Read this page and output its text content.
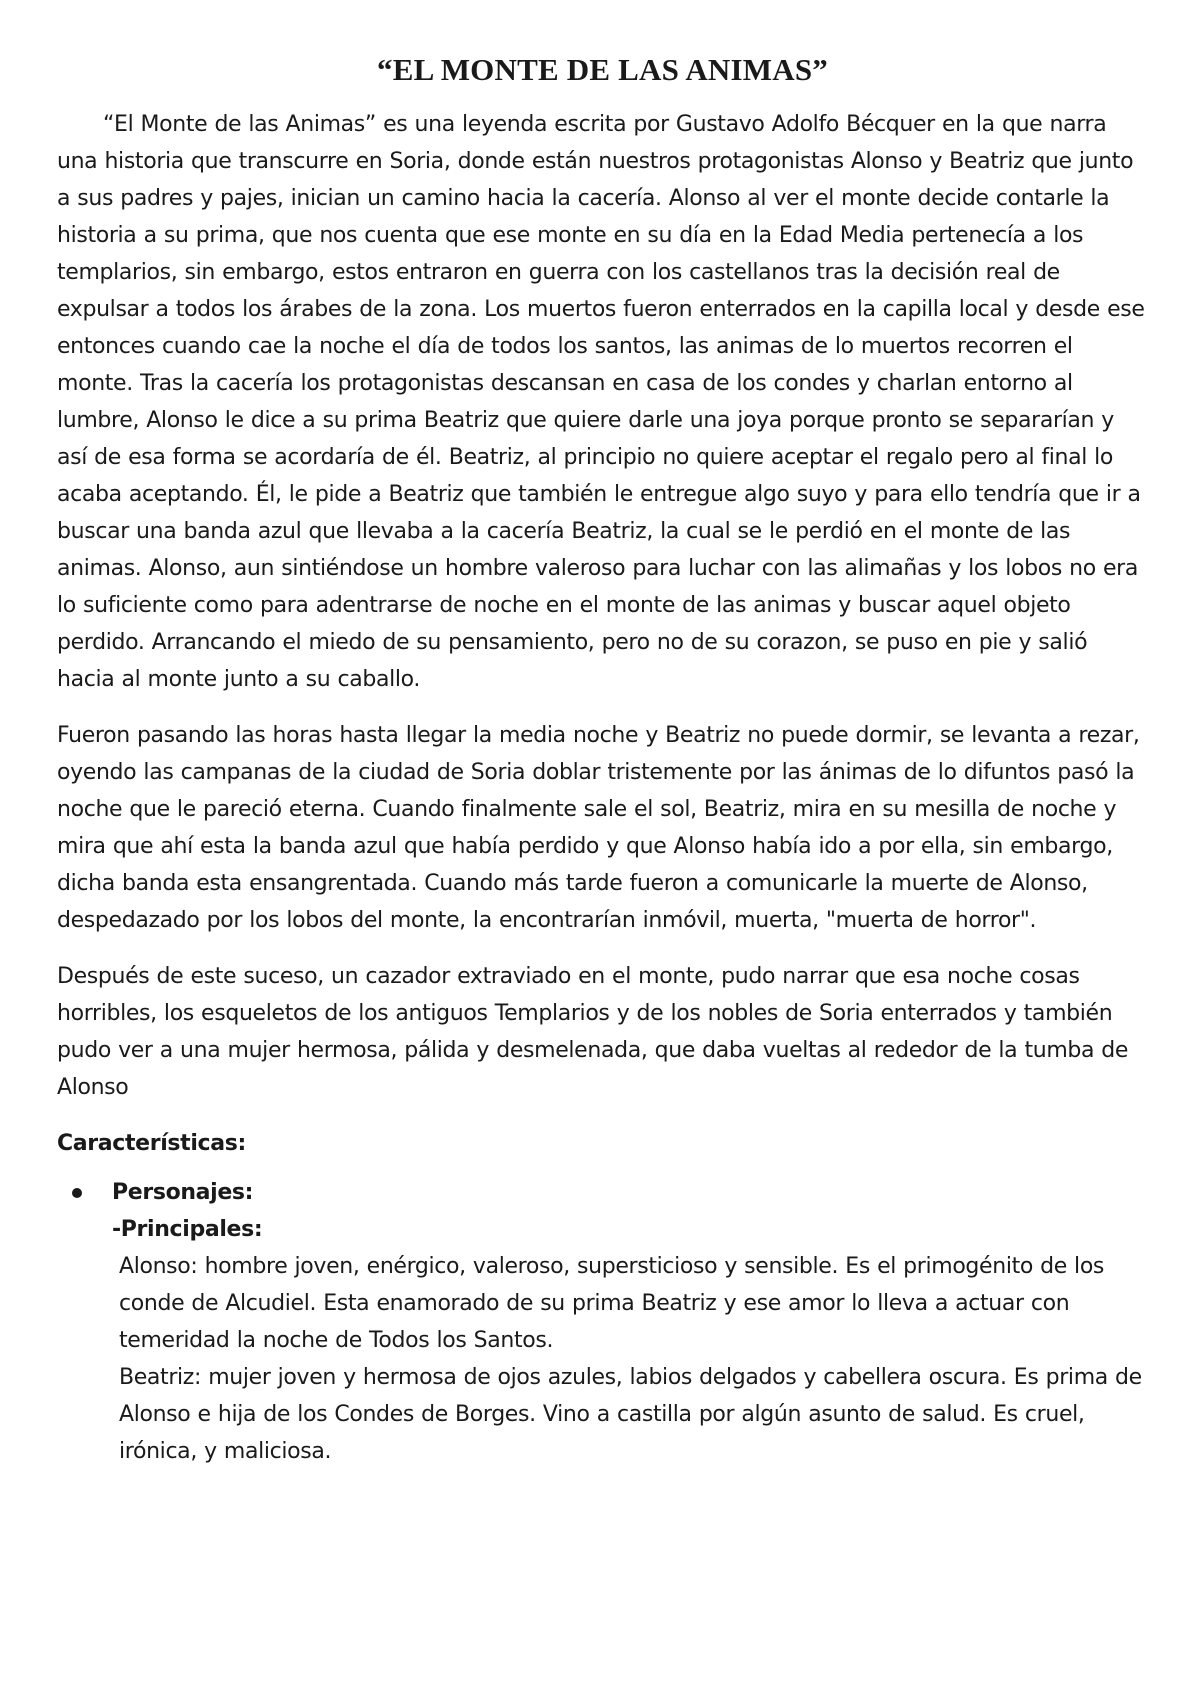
“EL MONTE DE LAS ANIMAS”

“El Monte de las Animas” es una leyenda escrita por Gustavo Adolfo Bécquer en la que narra una historia que transcurre en Soria, donde están nuestros protagonistas Alonso y Beatriz que junto a sus padres y pajes, inician un camino hacia la cacería. Alonso al ver el monte decide contarle la historia a su prima, que nos cuenta que ese monte en su día en la Edad Media pertenecía a los templarios, sin embargo, estos entraron en guerra con los castellanos tras la decisión real de expulsar a todos los árabes de la zona. Los muertos fueron enterrados en la capilla local y desde ese entonces cuando cae la noche el día de todos los santos, las animas de lo muertos recorren el monte. Tras la cacería los protagonistas descansan en casa de los condes y charlan entorno al lumbre, Alonso le dice a su prima Beatriz que quiere darle una joya porque pronto se separarían y así de esa forma se acordaría de él. Beatriz, al principio no quiere aceptar el regalo pero al final lo acaba aceptando. Él, le pide a Beatriz que también le entregue algo suyo y para ello tendría que ir a buscar una banda azul que llevaba a la cacería Beatriz, la cual se le perdió en el monte de las animas. Alonso, aun sintiéndose un hombre valeroso para luchar con las alimañas y los lobos no era lo suficiente como para adentrarse de noche en el monte de las animas y buscar aquel objeto perdido. Arrancando el miedo de su pensamiento, pero no de su corazon, se puso en pie y salió hacia al monte junto a su caballo.

Fueron pasando las horas hasta llegar la media noche y Beatriz no puede dormir, se levanta a rezar, oyendo las campanas de la ciudad de Soria doblar tristemente por las ánimas de lo difuntos pasó la noche que le pareció eterna. Cuando finalmente sale el sol, Beatriz, mira en su mesilla de noche y mira que ahí esta la banda azul que había perdido y que Alonso había ido a por ella, sin embargo, dicha banda esta ensangrentada. Cuando más tarde fueron a comunicarle la muerte de Alonso, despedazado por los lobos del monte, la encontrarían inmóvil, muerta, "muerta de horror".

Después de este suceso, un cazador extraviado en el monte, pudo narrar que esa noche cosas horribles, los esqueletos de los antiguos Templarios y de los nobles de Soria enterrados y también pudo ver a una mujer hermosa, pálida y desmelenada, que daba vueltas al rededor de la tumba de Alonso

Características:
Personajes:
-Principales:

Alonso: hombre joven, enérgico, valeroso, supersticioso y sensible. Es el primogénito de los conde de Alcudiel. Esta enamorado de su prima Beatriz y ese amor lo lleva a actuar con temeridad la noche de Todos los Santos.

Beatriz: mujer joven y hermosa de ojos azules, labios delgados y cabellera oscura. Es prima de Alonso e hija de los Condes de Borges. Vino a castilla por algún asunto de salud. Es cruel, irónica, y maliciosa.
